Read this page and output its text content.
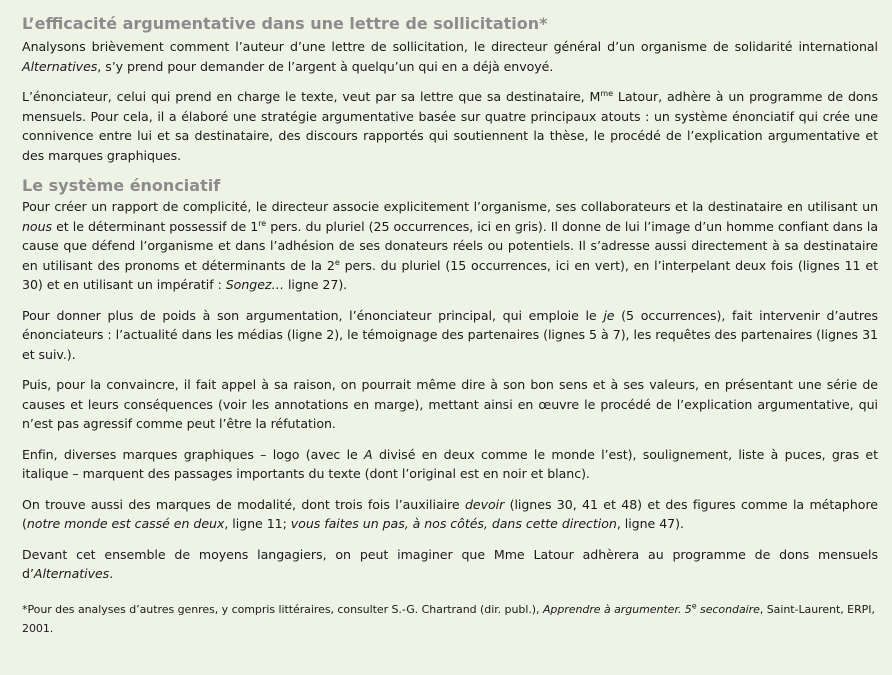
L’efficacité argumentative dans une lettre de sollicitation*

Analysons brièvement comment l’auteur d’une lettre de sollicitation, le directeur général d’un organisme de solidarité international Alternatives, s’y prend pour demander de l’argent à quelqu’un qui en a déjà envoyé.

L’énonciateur, celui qui prend en charge le texte, veut par sa lettre que sa destinataire, $M^{me}$ Latour, adhère à un programme de dons mensuels. Pour cela, il a élaboré une stratégie argumentative basée sur quatre principaux atouts : un système énonciatif qui crée une connivence entre lui et sa destinataire, des discours rapportés qui soutiennent la thèse, le procédé de l’explication argumentative et des marques graphiques.

Le système énonciatif

Pour créer un rapport de complicité, le directeur associe explicitement l’organisme, ses collaborateurs et la destinataire en utilisant un nous et le déterminant possessif de 1re pers. du pluriel (25 occurrences, ici en gris). Il donne de lui l’image d’un homme confiant dans la cause que défend l’organisme et dans l’adhésion de ses donateurs réels ou potentiels. Il s’adresse aussi directement à sa destinataire en utilisant des pronoms et déterminants de la 2e pers. du pluriel (15 occurrences, ici en vert), en l’interpelant deux fois (lignes 11 et 30) et en utilisant un impératif : Songez… ligne 27).

Pour donner plus de poids à son argumentation, l’énonciateur principal, qui emploie le je (5 occurrences), fait intervenir d’autres énonciateurs : l’actualité dans les médias (ligne 2), le témoignage des partenaires (lignes 5 à 7), les requêtes des partenaires (lignes 31 et suiv.).

Puis, pour la convaincre, il fait appel à sa raison, on pourrait même dire à son bon sens et à ses valeurs, en présentant une série de causes et leurs conséquences (voir les annotations en marge), mettant ainsi en œuvre le procédé de l’explication argumentative, qui n’est pas agressif comme peut l’être la réfutation.

Enfin, diverses marques graphiques – logo (avec le A divisé en deux comme le monde l’est), soulignement, liste à puces, gras et italique – marquent des passages importants du texte (dont l’original est en noir et blanc).

On trouve aussi des marques de modalité, dont trois fois l’auxiliaire devoir (lignes 30, 41 et 48) et des figures comme la métaphore (notre monde est cassé en deux, ligne 11; vous faites un pas, à nos côtés, dans cette direction, ligne 47).

Devant cet ensemble de moyens langagiers, on peut imaginer que Mme Latour adhèrera au programme de dons mensuels d’Alternatives.

*Pour des analyses d’autres genres, y compris littéraires, consulter S.-G. Chartrand (dir. publ.), Apprendre à argumenter. 5e secondaire, Saint-Laurent, ERPI, 2001.
